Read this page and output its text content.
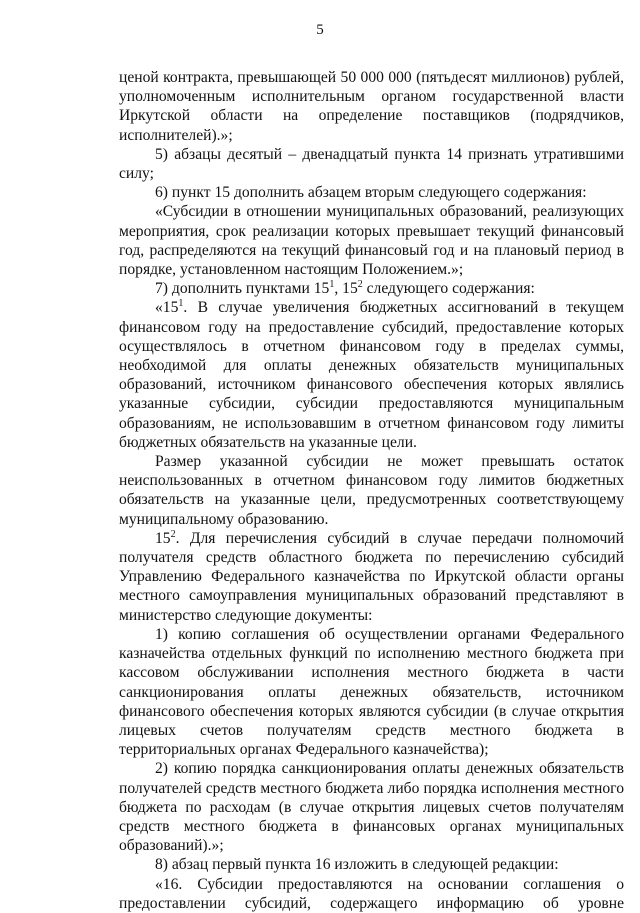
5

ценой контракта, превышающей 50 000 000 (пятьдесят миллионов) рублей, уполномоченным исполнительным органом государственной власти Иркутской области на определение поставщиков (подрядчиков, исполнителей).»;

5) абзацы десятый – двенадцатый пункта 14 признать утратившими силу;

6) пункт 15 дополнить абзацем вторым следующего содержания:

«Субсидии в отношении муниципальных образований, реализующих мероприятия, срок реализации которых превышает текущий финансовый год, распределяются на текущий финансовый год и на плановый период в порядке, установленном настоящим Положением.»;

7) дополнить пунктами $15^1$, $15^2$ следующего содержания:

«$15^1$. В случае увеличения бюджетных ассигнований в текущем финансовом году на предоставление субсидий, предоставление которых осуществлялось в отчетном финансовом году в пределах суммы, необходимой для оплаты денежных обязательств муниципальных образований, источником финансового обеспечения которых являлись указанные субсидии, субсидии предоставляются муниципальным образованиям, не использовавшим в отчетном финансовом году лимиты бюджетных обязательств на указанные цели.

Размер указанной субсидии не может превышать остаток неиспользованных в отчетном финансовом году лимитов бюджетных обязательств на указанные цели, предусмотренных соответствующему муниципальному образованию.

$15^2$. Для перечисления субсидий в случае передачи полномочий получателя средств областного бюджета по перечислению субсидий Управлению Федерального казначейства по Иркутской области органы местного самоуправления муниципальных образований представляют в министерство следующие документы:

1) копию соглашения об осуществлении органами Федерального казначейства отдельных функций по исполнению местного бюджета при кассовом обслуживании исполнения местного бюджета в части санкционирования оплаты денежных обязательств, источником финансового обеспечения которых являются субсидии (в случае открытия лицевых счетов получателям средств местного бюджета в территориальных органах Федерального казначейства);

2) копию порядка санкционирования оплаты денежных обязательств получателей средств местного бюджета либо порядка исполнения местного бюджета по расходам (в случае открытия лицевых счетов получателям средств местного бюджета в финансовых органах муниципальных образований).»;

8) абзац первый пункта 16 изложить в следующей редакции:

«16. Субсидии предоставляются на основании соглашения о предоставлении субсидий, содержащего информацию об уровне
